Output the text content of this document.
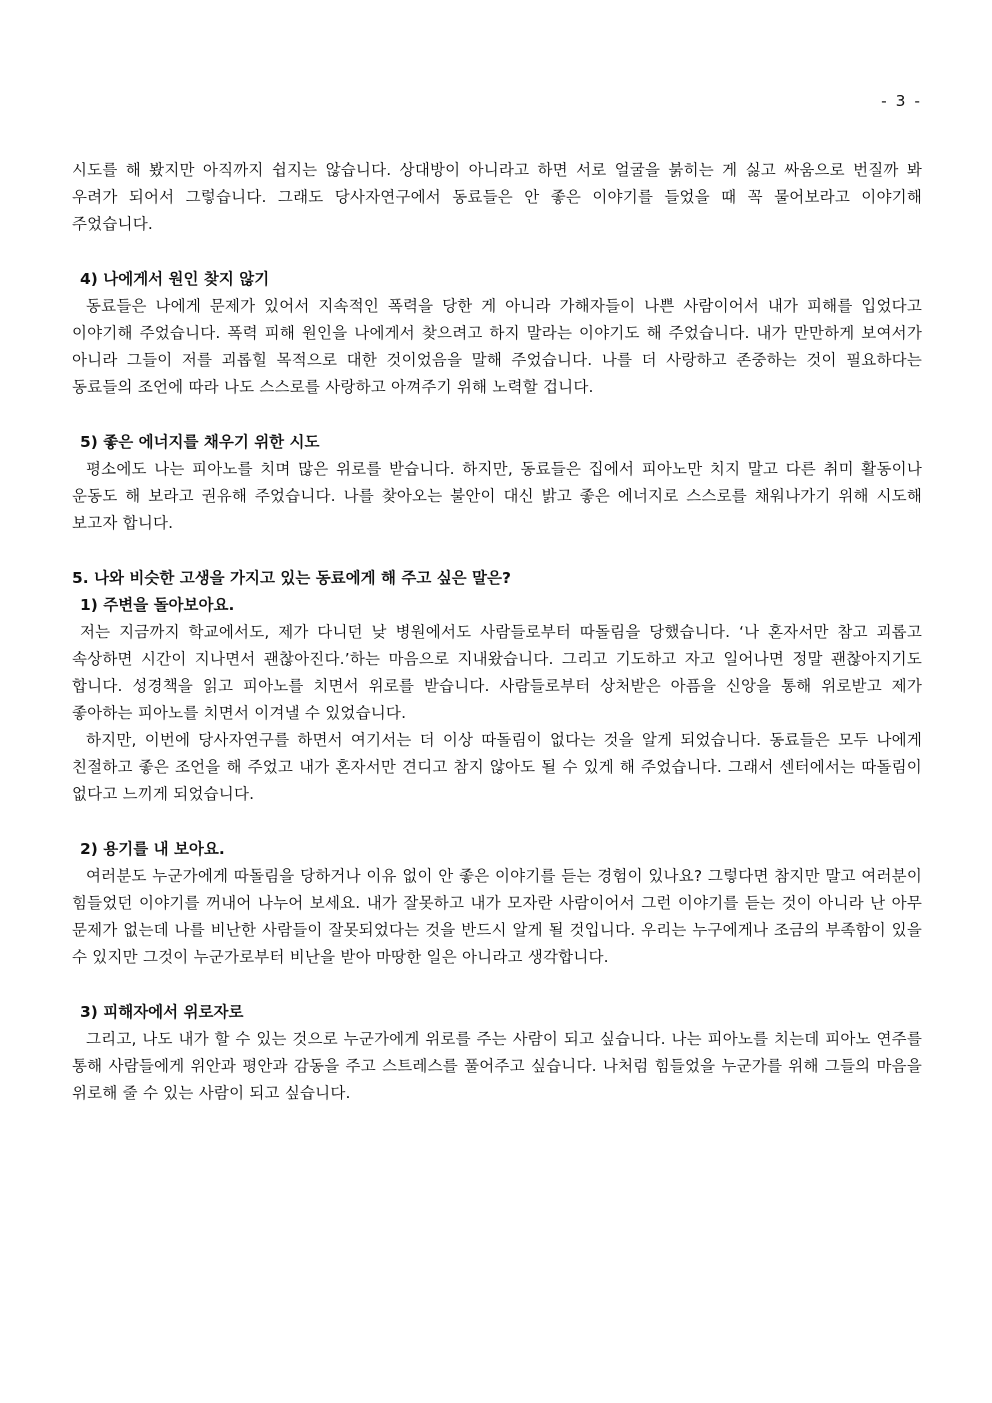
- 3 -

시도를 해 봤지만 아직까지 쉽지는 않습니다. 상대방이 아니라고 하면 서로 얼굴을 붉히는 게 싫고 싸움으로 번질까 봐 우려가 되어서 그렇습니다. 그래도 당사자연구에서 동료들은 안 좋은 이야기를 들었을 때 꼭 물어보라고 이야기해 주었습니다.

4) 나에게서 원인 찾지 않기

동료들은 나에게 문제가 있어서 지속적인 폭력을 당한 게 아니라 가해자들이 나쁜 사람이어서 내가 피해를 입었다고 이야기해 주었습니다. 폭력 피해 원인을 나에게서 찾으려고 하지 말라는 이야기도 해 주었습니다. 내가 만만하게 보여서가 아니라 그들이 저를 괴롭힐 목적으로 대한 것이었음을 말해 주었습니다. 나를 더 사랑하고 존중하는 것이 필요하다는 동료들의 조언에 따라 나도 스스로를 사랑하고 아껴주기 위해 노력할 겁니다.

5) 좋은 에너지를 채우기 위한 시도

평소에도 나는 피아노를 치며 많은 위로를 받습니다. 하지만, 동료들은 집에서 피아노만 치지 말고 다른 취미 활동이나 운동도 해 보라고 권유해 주었습니다. 나를 찾아오는 불안이 대신 밝고 좋은 에너지로 스스로를 채워나가기 위해 시도해 보고자 합니다.

5. 나와 비슷한 고생을 가지고 있는 동료에게 해 주고 싶은 말은?
1) 주변을 돌아보아요.

저는 지금까지 학교에서도, 제가 다니던 낮 병원에서도 사람들로부터 따돌림을 당했습니다. ‘나 혼자서만 참고 괴롭고 속상하면 시간이 지나면서 괜찮아진다.’하는 마음으로 지내왔습니다. 그리고 기도하고 자고 일어나면 정말 괜찮아지기도 합니다. 성경책을 읽고 피아노를 치면서 위로를 받습니다. 사람들로부터 상처받은 아픔을 신앙을 통해 위로받고 제가 좋아하는 피아노를 치면서 이겨낼 수 있었습니다.

하지만, 이번에 당사자연구를 하면서 여기서는 더 이상 따돌림이 없다는 것을 알게 되었습니다. 동료들은 모두 나에게 친절하고 좋은 조언을 해 주었고 내가 혼자서만 견디고 참지 않아도 될 수 있게 해 주었습니다. 그래서 센터에서는 따돌림이 없다고 느끼게 되었습니다.

2) 용기를 내 보아요.

여러분도 누군가에게 따돌림을 당하거나 이유 없이 안 좋은 이야기를 듣는 경험이 있나요? 그렇다면 참지만 말고 여러분이 힘들었던 이야기를 꺼내어 나누어 보세요. 내가 잘못하고 내가 모자란 사람이어서 그런 이야기를 듣는 것이 아니라 난 아무 문제가 없는데 나를 비난한 사람들이 잘못되었다는 것을 반드시 알게 될 것입니다. 우리는 누구에게나 조금의 부족함이 있을 수 있지만 그것이 누군가로부터 비난을 받아 마땅한 일은 아니라고 생각합니다.

3) 피해자에서 위로자로

그리고, 나도 내가 할 수 있는 것으로 누군가에게 위로를 주는 사람이 되고 싶습니다. 나는 피아노를 치는데 피아노 연주를 통해 사람들에게 위안과 평안과 감동을 주고 스트레스를 풀어주고 싶습니다. 나처럼 힘들었을 누군가를 위해 그들의 마음을 위로해 줄 수 있는 사람이 되고 싶습니다.
